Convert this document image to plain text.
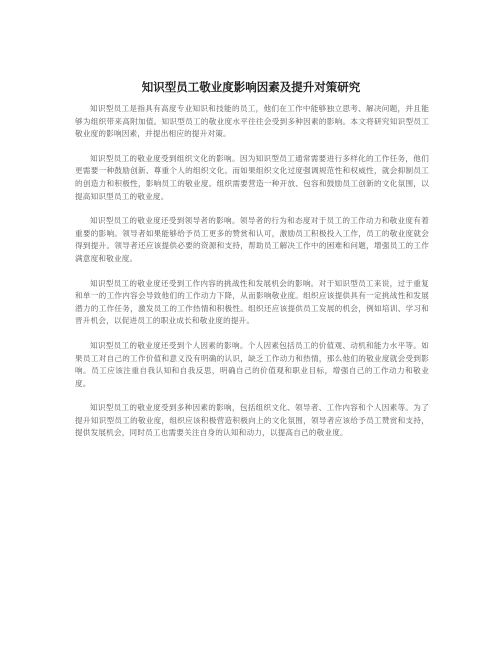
知识型员工敬业度影响因素及提升对策研究

知识型员工是指具有高度专业知识和技能的员工，他们在工作中能够独立思考、解决问题，并且能够为组织带来高附加值。知识型员工的敬业度水平往往会受到多种因素的影响。本文将研究知识型员工敬业度的影响因素，并提出相应的提升对策。

知识型员工的敬业度受到组织文化的影响。因为知识型员工通常需要进行多样化的工作任务，他们更需要一种鼓励创新、尊重个人的组织文化。而如果组织文化过度强调规范性和权威性，就会抑制员工的创造力和积极性，影响员工的敬业度。组织需要营造一种开放、包容和鼓励员工创新的文化氛围，以提高知识型员工的敬业度。

知识型员工的敬业度还受到领导者的影响。领导者的行为和态度对于员工的工作动力和敬业度有着重要的影响。领导者如果能够给予员工更多的赞赏和认可，激励员工积极投入工作，员工的敬业度就会得到提升。领导者还应该提供必要的资源和支持，帮助员工解决工作中的困难和问题，增强员工的工作满意度和敬业度。

知识型员工的敬业度还受到工作内容的挑战性和发展机会的影响。对于知识型员工来说，过于重复和单一的工作内容会导致他们的工作动力下降，从而影响敬业度。组织应该提供具有一定挑战性和发展潜力的工作任务，激发员工的工作热情和积极性。组织还应该提供员工发展的机会，例如培训、学习和晋升机会，以促进员工的职业成长和敬业度的提升。

知识型员工的敬业度还受到个人因素的影响。个人因素包括员工的价值观、动机和能力水平等。如果员工对自己的工作价值和意义没有明确的认识，缺乏工作动力和热情，那么他们的敬业度就会受到影响。员工应该注重自我认知和自我反思，明确自己的价值观和职业目标，增强自己的工作动力和敬业度。

知识型员工的敬业度受到多种因素的影响，包括组织文化、领导者、工作内容和个人因素等。为了提升知识型员工的敬业度，组织应该积极营造积极向上的文化氛围，领导者应该给予员工赞赏和支持，提供发展机会，同时员工也需要关注自身的认知和动力，以提高自己的敬业度。
